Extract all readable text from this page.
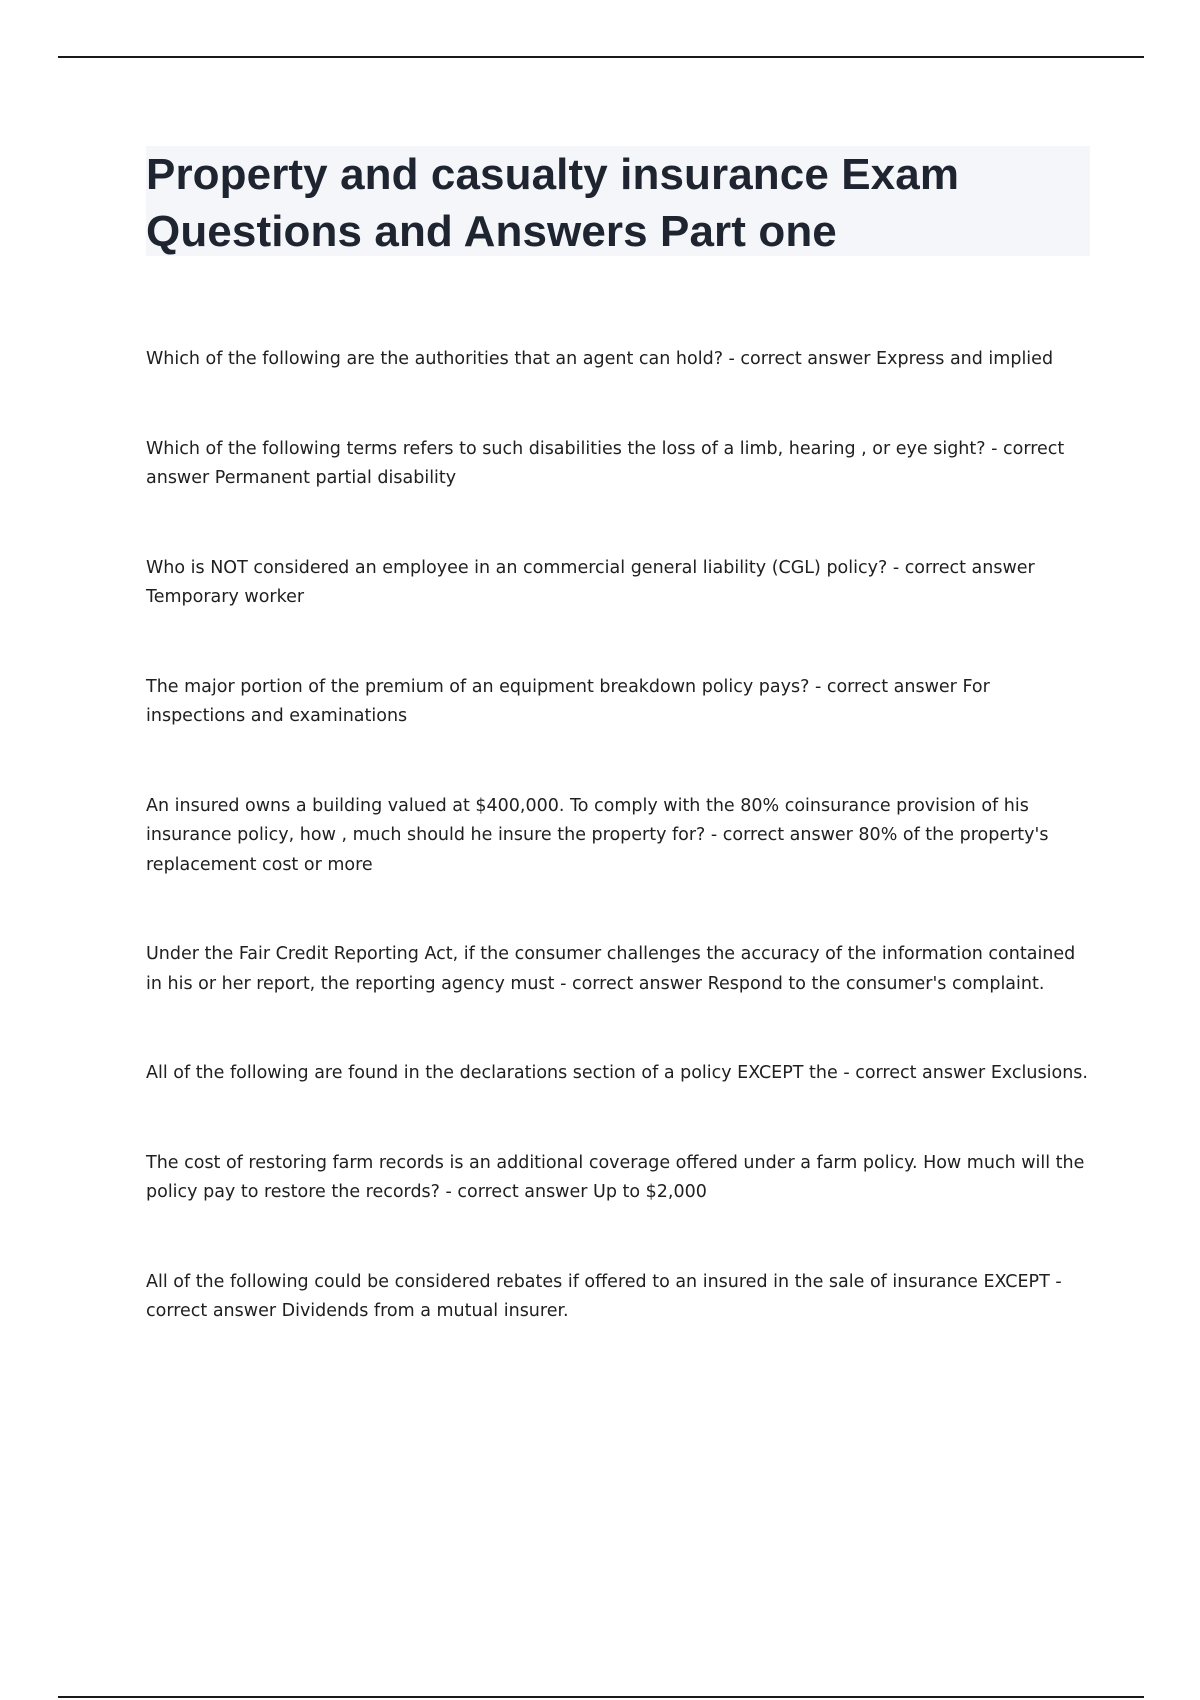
Property and casualty insurance Exam Questions and Answers Part one
Which of the following are the authorities that an agent can hold? - correct answer Express and implied
Which of the following terms refers to such disabilities the loss of a limb, hearing , or eye sight? - correct answer Permanent partial disability
Who is NOT considered an employee in an commercial general liability (CGL) policy? - correct answer Temporary worker
The major portion of the premium of an equipment breakdown policy pays? - correct answer For inspections and examinations
An insured owns a building valued at $400,000. To comply with the 80% coinsurance provision of his insurance policy, how , much should he insure the property for? - correct answer 80% of the property's replacement cost or more
Under the Fair Credit Reporting Act, if the consumer challenges the accuracy of the information contained in his or her report, the reporting agency must - correct answer Respond to the consumer's complaint.
All of the following are found in the declarations section of a policy EXCEPT the - correct answer Exclusions.
The cost of restoring farm records is an additional coverage offered under a farm policy. How much will the policy pay to restore the records? - correct answer Up to $2,000
All of the following could be considered rebates if offered to an insured in the sale of insurance EXCEPT - correct answer Dividends from a mutual insurer.
